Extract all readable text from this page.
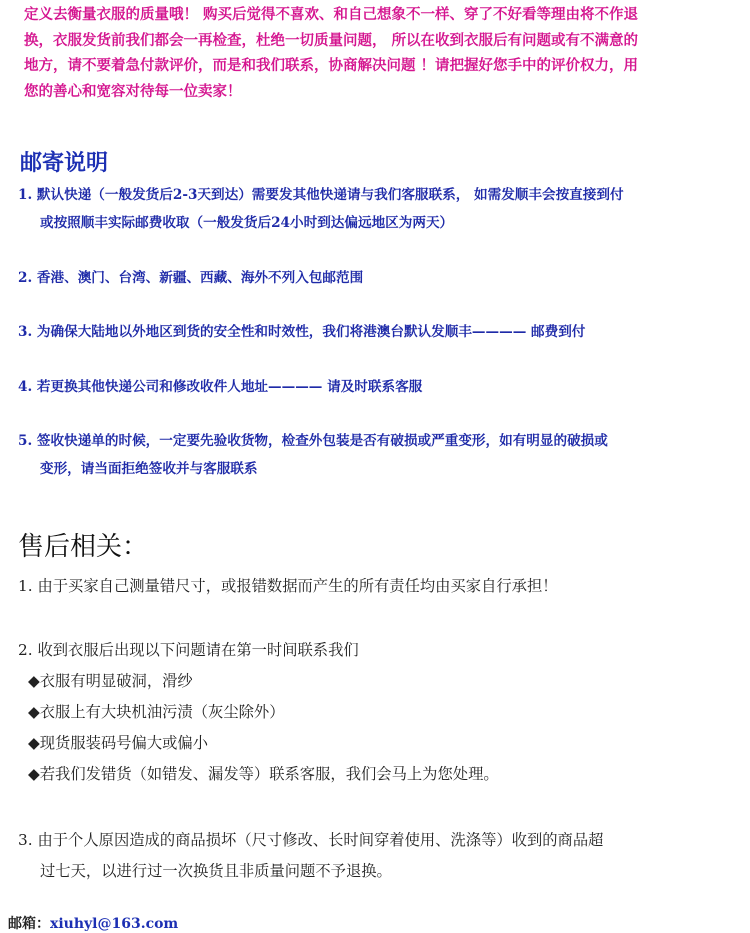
定义去衡量衣服的质量哦！ 购买后觉得不喜欢、和自己想象不一样、穿了不好看等理由将不作退
换，衣服发货前我们都会一再检查，杜绝一切质量问题， 所以在收到衣服后有问题或有不满意的
地方，请不要着急付款评价，而是和我们联系，协商解决问题 ！请把握好您手中的评价权力，用
您的善心和宽容对待每一位卖家！

邮寄说明
1. 默认快递（一般发货后2-3天到达）需要发其他快递请与我们客服联系， 如需发顺丰会按直接到付
或按照顺丰实际邮费收取（一般发货后24小时到达偏远地区为两天）
2. 香港、澳门、台湾、新疆、西藏、海外不列入包邮范围
3. 为确保大陆地以外地区到货的安全性和时效性，我们将港澳台默认发顺丰———— 邮费到付
4. 若更换其他快递公司和修改收件人地址———— 请及时联系客服
5. 签收快递单的时候，一定要先验收货物，检查外包装是否有破损或严重变形，如有明显的破损或
变形，请当面拒绝签收并与客服联系
售后相关：
1. 由于买家自己测量错尺寸，或报错数据而产生的所有责任均由买家自行承担！
2. 收到衣服后出现以下问题请在第一时间联系我们
◆衣服有明显破洞，滑纱
◆衣服上有大块机油污渍（灰尘除外）
◆现货服装码号偏大或偏小
◆若我们发错货（如错发、漏发等）联系客服，我们会马上为您处理。
3. 由于个人原因造成的商品损坏（尺寸修改、长时间穿着使用、洗涤等）收到的商品超
过七天，以进行过一次换货且非质量问题不予退换。
邮箱：xiuhyl@163.com
